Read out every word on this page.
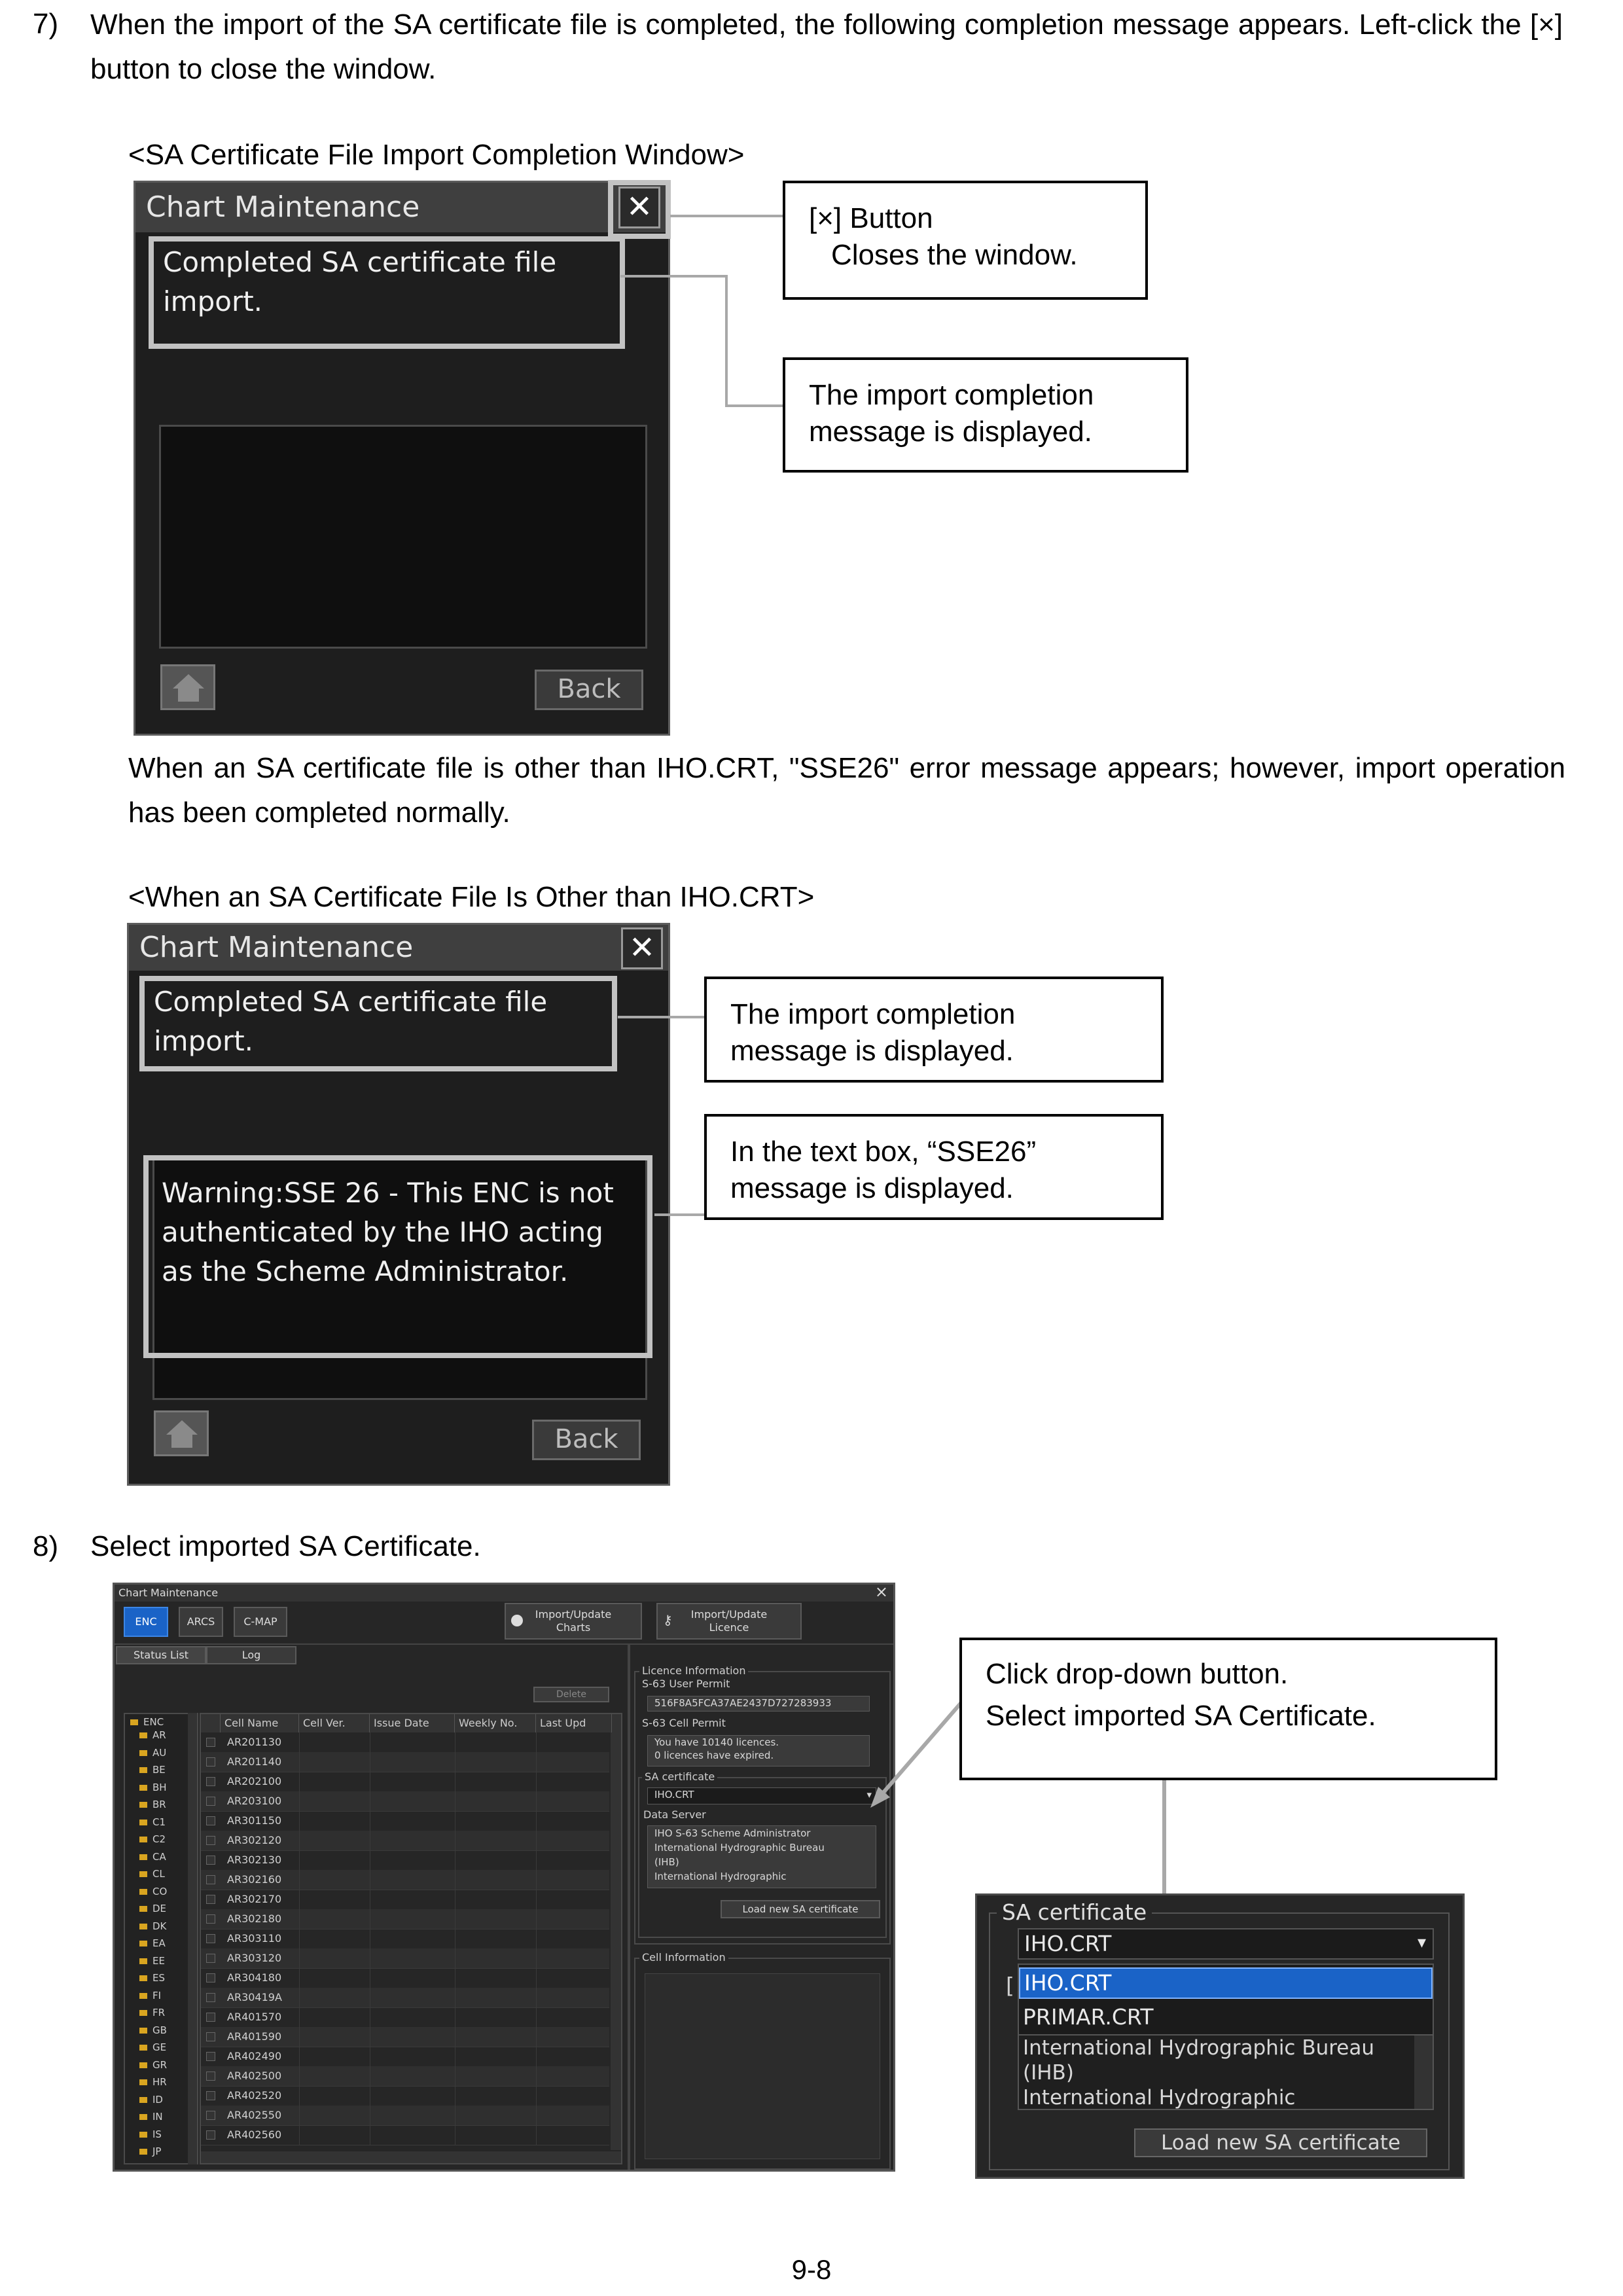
7) When the import of the SA certificate file is completed, the following completion message appears. Left-click the [×] button to close the window.
<SA Certificate File Import Completion Window>
Chart Maintenance	✕
Completed SA certificate file import.
Back
[×] Button
Closes the window.
The import completion
message is displayed.
When an SA certificate file is other than IHO.CRT, "SSE26" error message appears; however, import operation has been completed normally.
<When an SA Certificate File Is Other than IHO.CRT>
Chart Maintenance	✕
Completed SA certificate file import.
Warning:SSE 26 - This ENC is not authenticated by the IHO acting as the Scheme Administrator.
Back
The import completion
message is displayed.
In the text box, “SSE26”
message is displayed.
8) Select imported SA Certificate.
Chart Maintenance	×
ENC	ARCS	C-MAP
Import/Update
Charts	⚷	Import/Update
Licence
Status List	Log
Delete
ENC
AR
AU
BE
BH
BR
C1
C2
CA
CL
CO
DE
DK
EA
EE
ES
FI
FR
GB
GE
GR
HR
ID
IN
IS
JP
Cell Name	Cell Ver.	Issue Date	Weekly No.	Last Upd
AR201130
AR201140
AR202100
AR203100
AR301150
AR302120
AR302130
AR302160
AR302170
AR302180
AR303110
AR303120
AR304180
AR30419A
AR401570
AR401590
AR402490
AR402500
AR402520
AR402550
AR402560
Licence Information
S-63 User Permit
516F8A5FCA37AE2437D727283933
S-63 Cell Permit
You have 10140 licences.
0 licences have expired.
SA certificate
IHO.CRT	▾
Data Server
IHO S-63 Scheme Administrator
International Hydrographic Bureau
(IHB)
International Hydrographic
Load new SA certificate
Cell Information
Click drop-down button.
Select imported SA Certificate.
SA certificate
IHO.CRT	▾
[ IHO.CRT
PRIMAR.CRT
International Hydrographic Bureau
(IHB)
International Hydrographic
Load new SA certificate
9-8
